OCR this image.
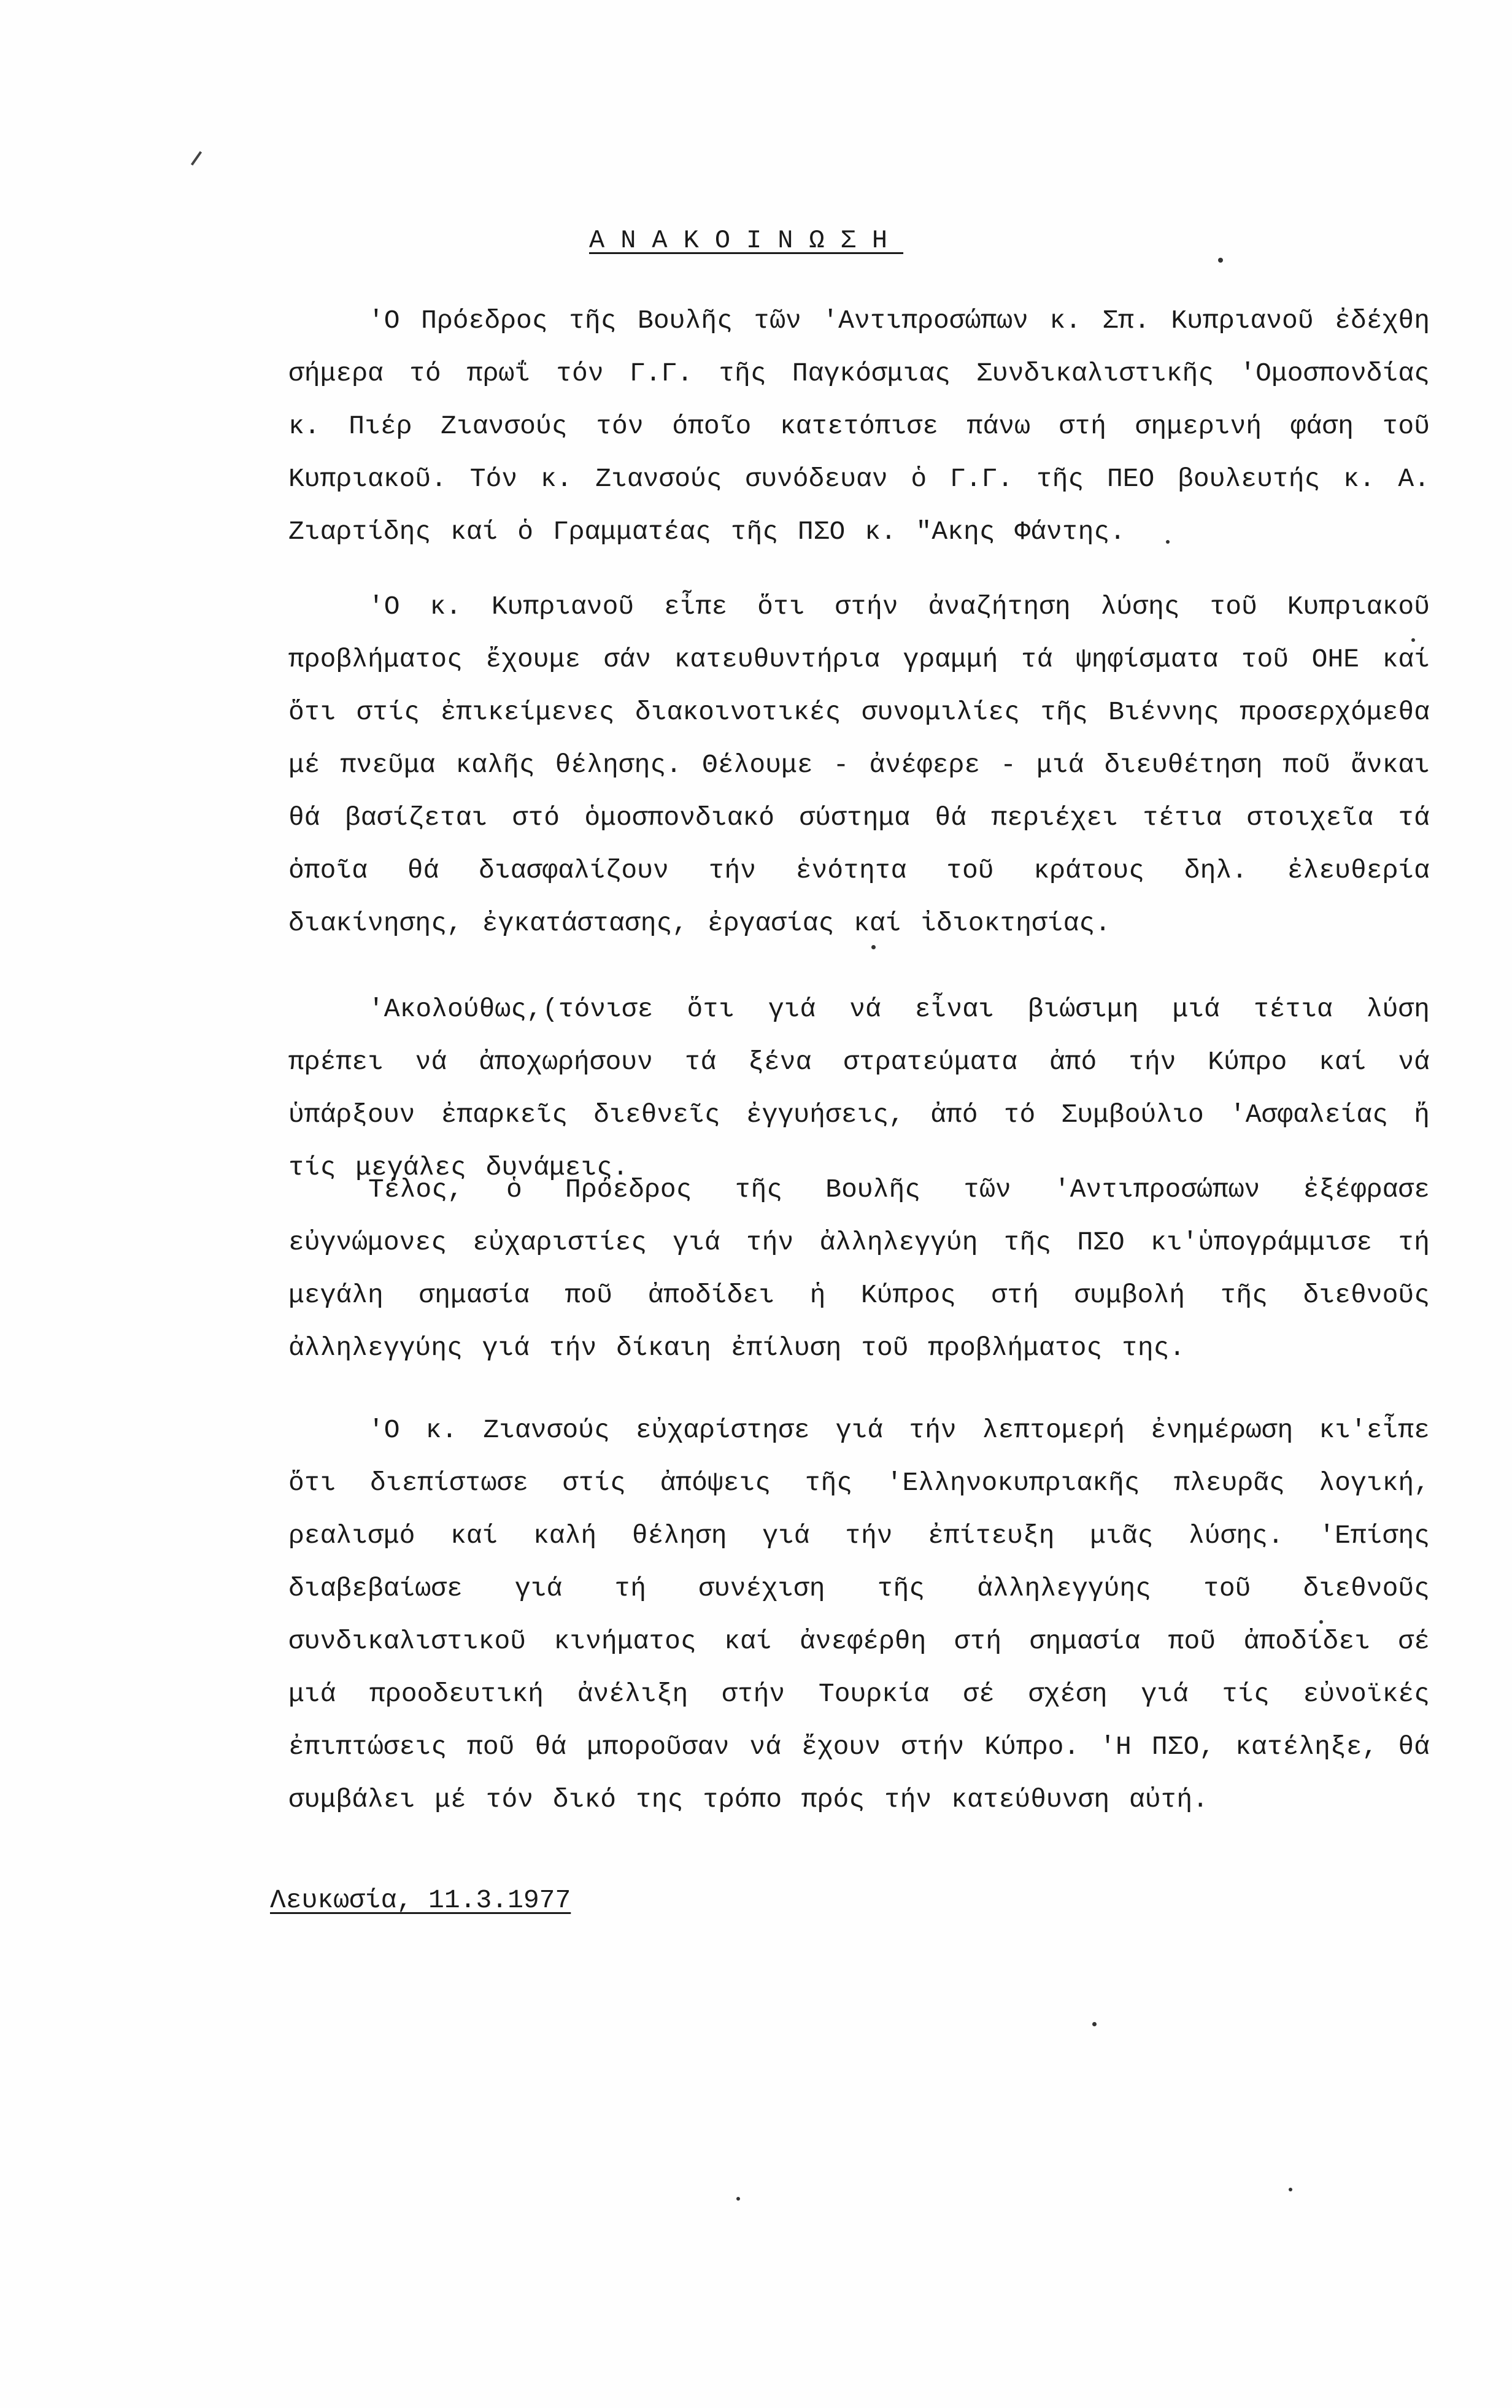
ΑΝΑΚΟΙΝΩΣΗ
'Ο Πρόεδρος τῆς Βουλῆς τῶν 'Αντιπροσώπων κ. Σπ. Κυπριανοῦ ἐδέχθη σήμερα τό πρωΐ τόν Γ.Γ. τῆς Παγκόσμιας Συνδικαλιστικῆς 'Ομοσπονδίας κ. Πιέρ Ζιανσούς τόν όποῖο κατετόπισε πάνω στή σημερινή φάση τοῦ Κυπριακοῦ. Τόν κ. Ζιανσούς συνόδευαν ὁ Γ.Γ. τῆς ΠΕΟ βουλευτής κ. Α. Ζιαρτίδης καί ὁ Γραμματέας τῆς ΠΣΟ κ. "Ακης Φάντης.
'Ο κ. Κυπριανοῦ εἶπε ὅτι στήν ἀναζήτηση λύσης τοῦ Κυπριακοῦ προβλήματος ἔχουμε σάν κατευθυντήρια γραμμή τά ψηφίσματα τοῦ ΟΗΕ καί ὅτι στίς ἐπικείμενες διακοινοτικές συνομιλίες τῆς Βιέννης προσερχόμεθα μέ πνεῦμα καλῆς θέλησης. Θέλουμε - ἀνέφερε - μιά διευθέτηση ποῦ ἄνκαι θά βασίζεται στό ὁμοσπονδιακό σύστημα θά περιέχει τέτια στοιχεῖα τά ὁποῖα θά διασφαλίζουν τήν ἑνότητα τοῦ κράτους δηλ. ἐλευθερία διακίνησης, ἐγκατάστασης, ἐργασίας καί ἰδιοκτησίας.
'Ακολούθως,(τόνισε ὅτι γιά νά εἶναι βιώσιμη μιά τέτια λύση πρέπει νά ἀποχωρήσουν τά ξένα στρατεύματα ἀπό τήν Κύπρο καί νά ὑπάρξουν ἐπαρκεῖς διεθνεῖς ἐγγυήσεις, ἀπό τό Συμβούλιο 'Ασφαλείας ἤ τίς μεγάλες δυνάμεις.
Τέλος, ὁ Πρόεδρος τῆς Βουλῆς τῶν 'Αντιπροσώπων ἐξέφρασε εὐγνώμονες εὐχαριστίες γιά τήν ἀλληλεγγύη τῆς ΠΣΟ κι'ὑπογράμμισε τή μεγάλη σημασία ποῦ ἀποδίδει ἡ Κύπρος στή συμβολή τῆς διεθνοῦς ἀλληλεγγύης γιά τήν δίκαιη ἐπίλυση τοῦ προβλήματος της.
'Ο κ. Ζιανσούς εὐχαρίστησε γιά τήν λεπτομερή ἐνημέρωση κι'εἶπε ὅτι διεπίστωσε στίς ἀπόψεις τῆς 'Ελληνοκυπριακῆς πλευρᾶς λογική, ρεαλισμό καί καλή θέληση γιά τήν ἐπίτευξη μιᾶς λύσης. 'Επίσης διαβεβαίωσε γιά τή συνέχιση τῆς ἀλληλεγγύης τοῦ διεθνοῦς συνδικαλιστικοῦ κινήματος καί ἀνεφέρθη στή σημασία ποῦ ἀποδίδει σέ μιά προοδευτική ἀνέλιξη στήν Τουρκία σέ σχέση γιά τίς εὐνοϊκές ἐπιπτώσεις ποῦ θά μποροῦσαν νά ἔχουν στήν Κύπρο. 'Η ΠΣΟ, κατέληξε, θά συμβάλει μέ τόν δικό της τρόπο πρός τήν κατεύθυνση αὐτή.
Λευκωσία, 11.3.1977
